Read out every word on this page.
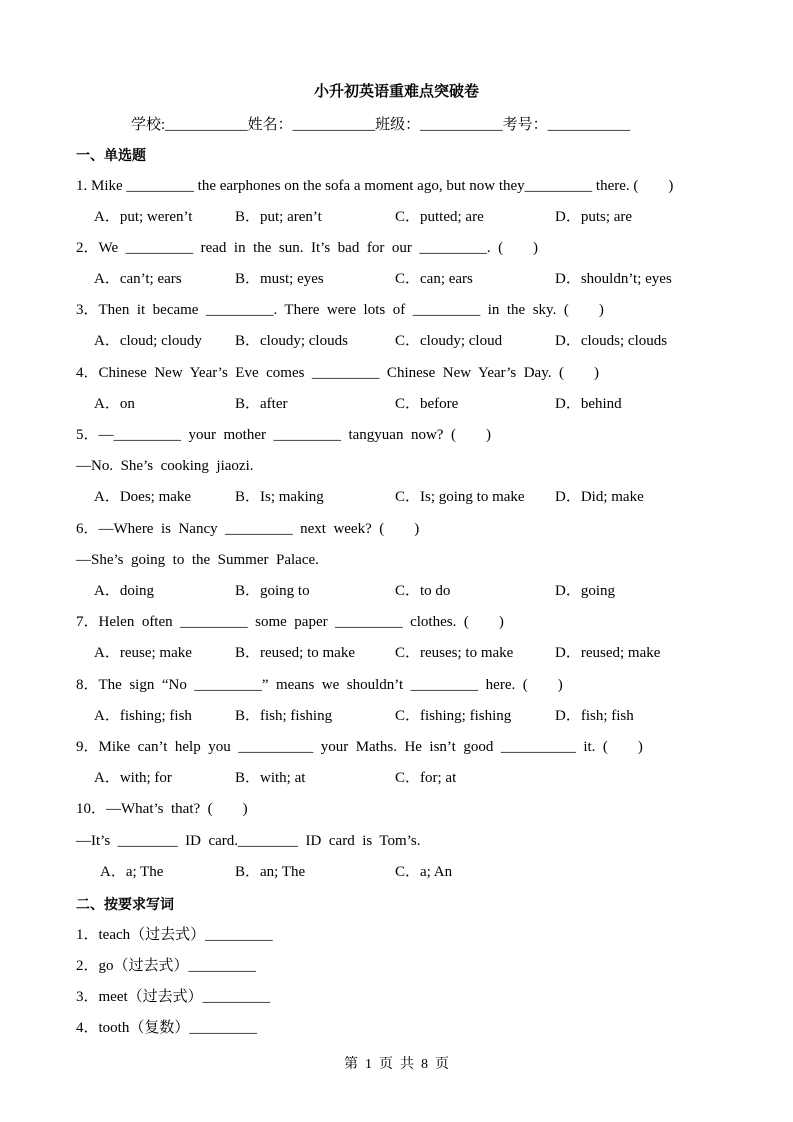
小升初英语重难点突破卷
学校:___________姓名：___________班级：___________考号：___________
一、单选题
1. Mike _________ the earphones on the sofa a moment ago, but now they_________ there. (        )

A．put; weren’t

	B．put; aren’t

	C．putted; are

	D．puts; are

2．We  _________  read  in  the  sun.  It’s  bad  for  our  _________.  (        )

A．can’t; ears

	B．must; eyes

	C．can; ears

	D．shouldn’t; eyes

3．Then  it  became  _________.  There  were  lots  of  _________  in  the  sky.  (        )

A．cloud; cloudy

B．cloudy; clouds

	C．cloudy; cloud

	D．clouds; clouds

4．Chinese  New  Year’s  Eve  comes  _________  Chinese  New  Year’s  Day.  (        )

A．on

	B．after

	C．before

	D．behind

5．—_________  your  mother  _________  tangyuan  now?  (        )
—No.  She’s  cooking  jiaozi.

A．Does; make

	B．Is; making

	C．Is; going to make

D．Did; make

6．—Where  is  Nancy  _________  next  week?  (        )
—She’s  going  to  the  Summer  Palace.

A．doing

	B．going to

	C．to do

	D．going

7．Helen  often  _________  some  paper  _________  clothes.  (        )

A．reuse; make

	B．reused; to make

	C．reuses; to make

	D．reused; make

8．The  sign  “No  _________”  means  we  shouldn’t  _________  here.  (        )

A．fishing; fish

	B．fish; fishing

	C．fishing; fishing

	D．fish; fish

9．Mike  can’t  help  you  __________  your  Maths.  He  isn’t  good  __________  it.  (        )

A．with; for

	B．with; at

	C．for; at

10．—What’s  that?  (        )
—It’s  ________  ID  card.________  ID  card  is  Tom’s.

A．a; The

	B．an; The

	C．a; An

二、按要求写词
1．teach（过去式）_________
2．go（过去式）_________
3．meet（过去式）_________
4．tooth（复数）_________
第  1  页  共  8  页
